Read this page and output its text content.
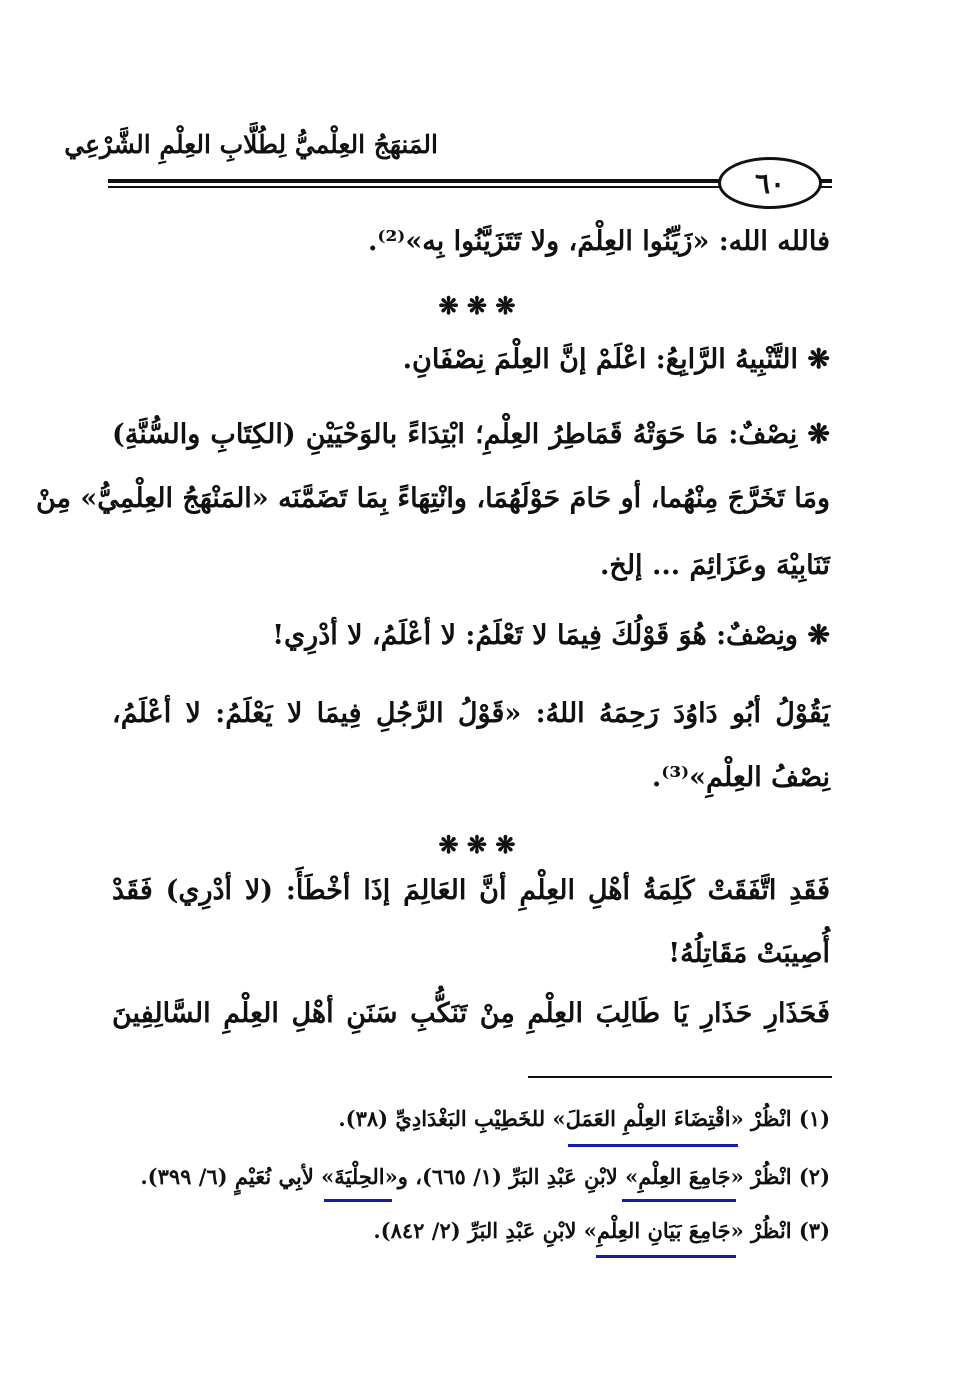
المَنهَجُ العِلْميُّ لِطُلَّابِ العِلْمِ الشَّرْعِي
٦٠
فالله الله: «زَيِّنُوا العِلْمَ، ولا تَتَزَيَّنُوا بِه»⁽²⁾.
❋ ❋ ❋
❋ التَّنْبِيهُ الرَّابِعُ: اعْلَمْ إنَّ العِلْمَ نِصْفَانِ.
❋ نِصْفٌ: مَا حَوَتْهُ قَمَاطِرُ العِلْمِ؛ ابْتِدَاءً بالوَحْيَيْنِ (الكِتَابِ والسُّنَّةِ)
ومَا تَخَرَّجَ مِنْهُما، أو حَامَ حَوْلَهُمَا، وانْتِهَاءً بِمَا تَضَمَّنَه «المَنْهَجُ العِلْمِيُّ» مِنْ
تَنَابِيْهَ وعَزَائِمَ ... إلخ.
❋ ونِصْفٌ: هُوَ قَوْلُكَ فِيمَا لا تَعْلَمُ: لا أعْلَمُ، لا أدْرِي!
يَقُوْلُ أبُو دَاوُدَ رَحِمَهُ اللهُ: «قَوْلُ الرَّجُلِ فِيمَا لا يَعْلَمُ: لا أعْلَمُ،
نِصْفُ العِلْمِ»⁽³⁾.
❋ ❋ ❋
فَقَدِ اتَّفَقَتْ كَلِمَةُ أهْلِ العِلْمِ أنَّ العَالِمَ إذَا أخْطَأَ: (لا أدْرِي) فَقَدْ
أُصِيبَتْ مَقَاتِلُهُ!
فَحَذَارِ حَذَارِ يَا طَالِبَ العِلْمِ مِنْ تَنَكُّبِ سَنَنِ أهْلِ العِلْمِ السَّالِفِينَ
(١) انْظُرْ «اقْتِضَاءَ العِلْمِ العَمَلَ» للخَطِيْبِ البَغْدَادِيِّ (٣٨).
(٢) انْظُرْ «جَامِعَ العِلْمِ» لابْنِ عَبْدِ البَرِّ (١/ ٦٦٥)، و«الحِلْيَةَ» لأبِي نُعَيْمٍ (٦/ ٣٩٩).
(٣) انْظُرْ «جَامِعَ بَيَانِ العِلْمِ» لابْنِ عَبْدِ البَرِّ (٢/ ٨٤٢).
